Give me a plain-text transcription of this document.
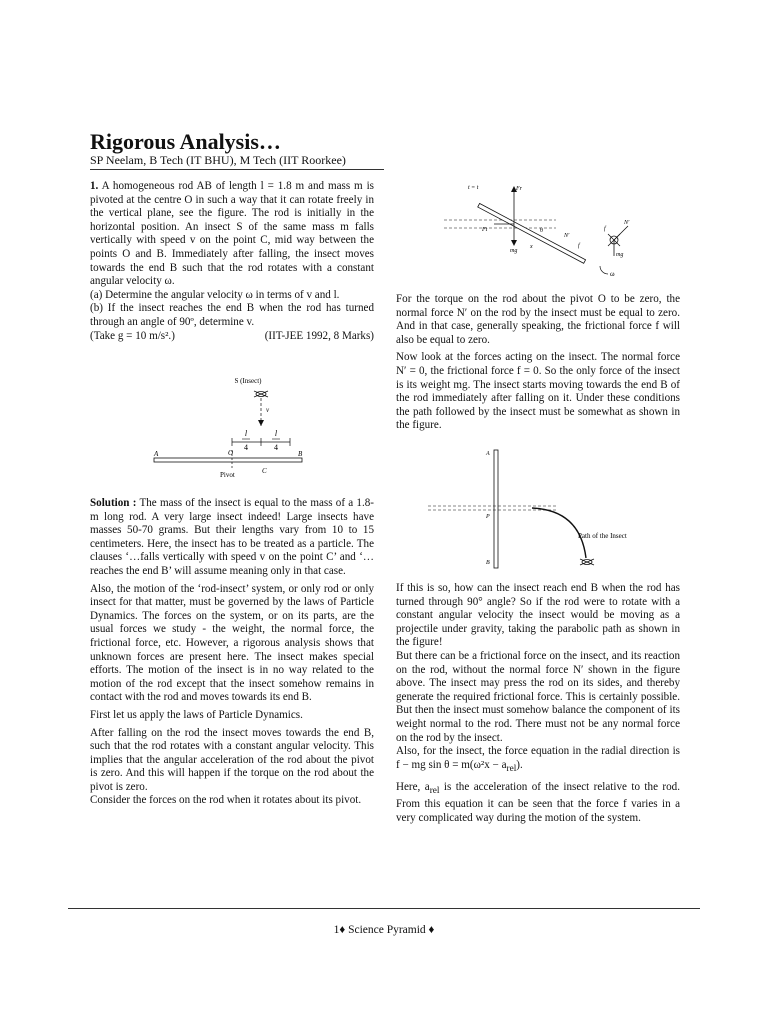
Rigorous Analysis…
SP Neelam, B Tech (IT BHU), M Tech (IIT Roorkee)

1. A homogeneous rod AB of length l = 1.8 m and mass m is pivoted at the centre O in such a way that it can rotate freely in the vertical plane, see the figure. The rod is initially in the horizontal position. An insect S of the same mass m falls vertically with speed v on the point C, mid way between the points O and B. Immediately after falling, the insect moves towards the end B such that the rod rotates with a constant angular velocity ω.

(a) Determine the angular velocity ω in terms of v and l.

(b) If the insect reaches the end B when the rod has turned through an angle of 90º, determine v.

(Take g = 10 m/s².)	(IIT-JEE 1992, 8 Marks)

S (Insect)
v
l
4
l
4
A	O	B
C
Pivot

Solution : The mass of the insect is equal to the mass of a 1.8-m long rod. A very large insect indeed! Large insects have masses 50-70 grams. But their lengths vary from 10 to 15 centimeters. Here, the insect has to be treated as a particle. The clauses ‘…falls vertically with speed v on the point C’ and ‘…reaches the end B’ will assume meaning only in that case.

Also, the motion of the ‘rod-insect’ system, or only rod or only insect for that matter, must be governed by the laws of Particle Dynamics. The forces on the system, or on its parts, are the usual forces we study - the weight, the normal force, the frictional force, etc. However, a rigorous analysis shows that unknown forces are present here. The insect makes special efforts. The motion of the insect is in no way related to the motion of the rod except that the insect somehow remains in contact with the rod and moves towards its end B.

First let us apply the laws of Particle Dynamics.

After falling on the rod the insect moves towards the end B, such that the rod rotates with a constant angular velocity. This implies that the angular acceleration of the rod about the pivot is zero. And this will happen if the torque on the rod about the pivot is zero.

Consider the forces on the rod when it rotates about its pivot.

t = t	Fr
Ft
mg
θ
N′
f
x
N′
f
mg
ω

For the torque on the rod about the pivot O to be zero, the normal force N′ on the rod by the insect must be equal to zero. And in that case, generally speaking, the frictional force f will also be equal to zero.

Now look at the forces acting on the insect. The normal force N′ = 0, the frictional force f = 0. So the only force of the insect is its weight mg. The insect starts moving towards the end B of the rod immediately after falling on it. Under these conditions the path followed by the insect must be somewhat as shown in the figure.

A
P
B
Path of the Insect

If this is so, how can the insect reach end B when the rod has turned through 90° angle? So if the rod were to rotate with a constant angular velocity the insect would be moving as a projectile under gravity, taking the parabolic path as shown in the figure!

But there can be a frictional force on the insect, and its reaction on the rod, without the normal force N′ shown in the figure above. The insect may press the rod on its sides, and thereby generate the required frictional force. This is certainly possible. But then the insect must somehow balance the component of its weight normal to the rod. There must not be any normal force on the rod by the insect.

Also, for the insect, the force equation in the radial direction is f − mg $\sin \theta = m(\omega^2x - a_{rel})$.

Here, $a_{rel}$ is the acceleration of the insect relative to the rod. From this equation it can be seen that the force f varies in a very complicated way during the motion of the system.

1♦ Science Pyramid ♦
